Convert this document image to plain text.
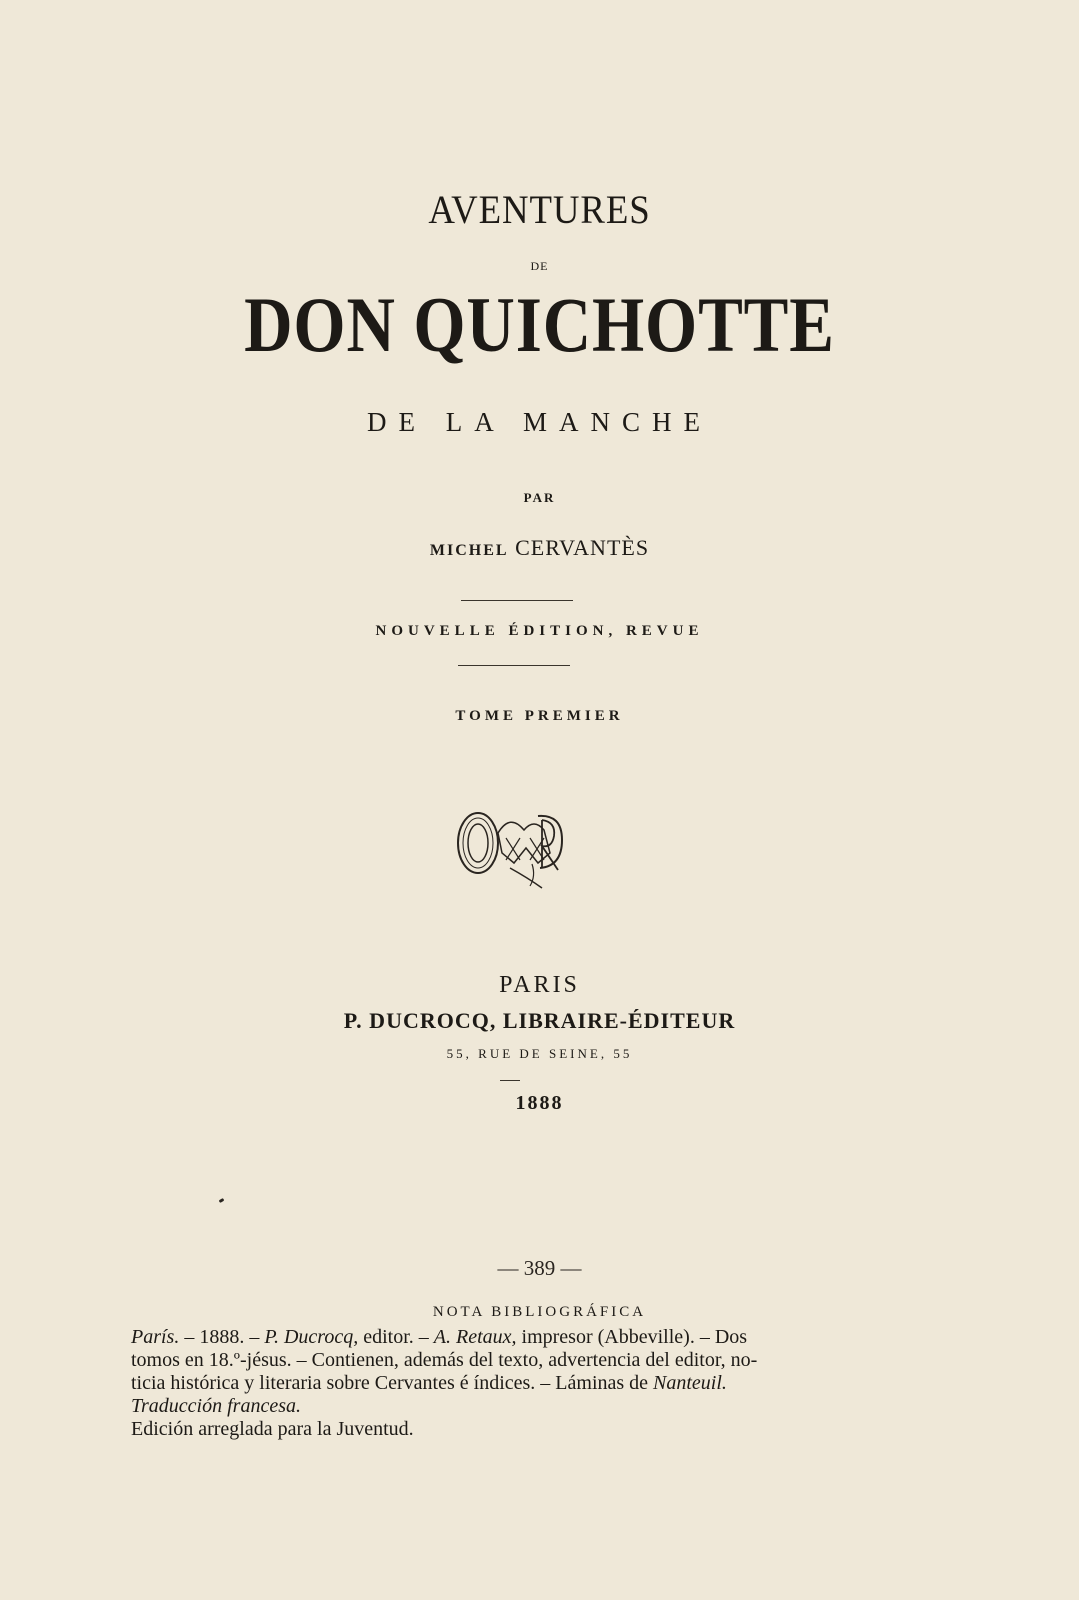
AVENTURES
DE
DON QUICHOTTE
DE LA MANCHE
PAR
MICHEL CERVANTÈS
NOUVELLE ÉDITION, REVUE
TOME PREMIER
PARIS
P. DUCROCQ, LIBRAIRE-ÉDITEUR
55, RUE DE SEINE, 55
1888
— 389 —
NOTA BIBLIOGRÁFICA

París. – 1888. – P. Ducrocq, editor. – A. Retaux, impresor (Abbeville). – Dos

tomos en 18.º-jésus. – Contienen, además del texto, advertencia del editor, no-

ticia histórica y literaria sobre Cervantes é índices. – Láminas de Nanteuil.

Traducción francesa.

Edición arreglada para la Juventud.
